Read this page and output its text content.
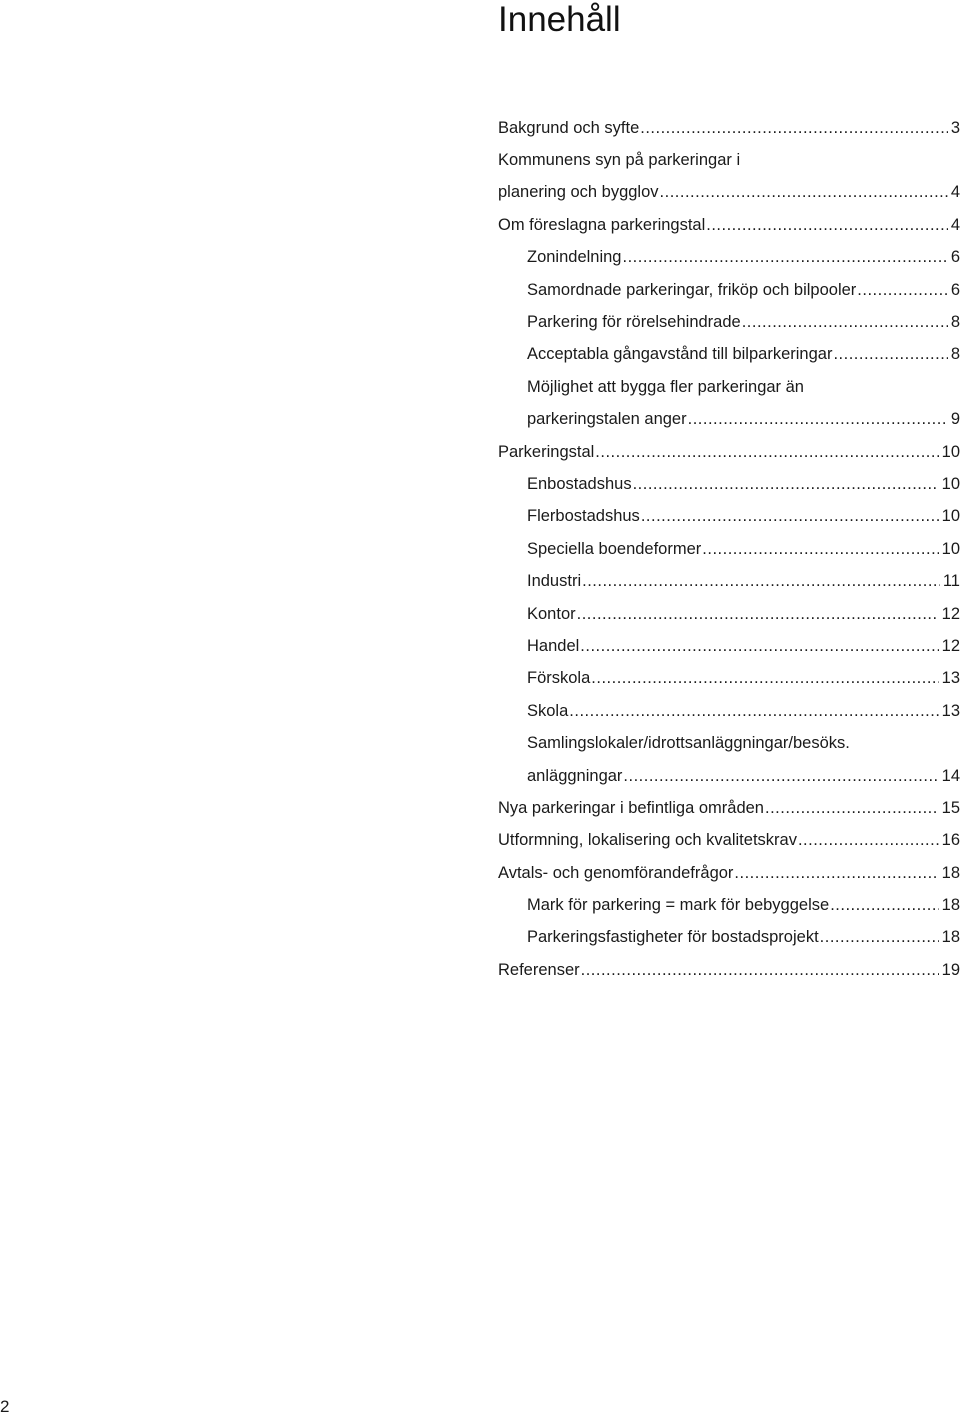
Innehåll
Bakgrund och syfte .....	3
Kommunens syn på parkeringar i
planering och bygglov .....	4
Om föreslagna parkeringstal .....	4
Zonindelning .....	6
Samordnade parkeringar, friköp och bilpooler .....	6
Parkering för rörelsehindrade .....	8
Acceptabla gångavstånd till bilparkeringar .....	8
Möjlighet att bygga fler parkeringar än
parkeringstalen anger .....	9
Parkeringstal .....	10
Enbostadshus .....	10
Flerbostadshus .....	10
Speciella boendeformer .....	10
Industri .....	11
Kontor .....	12
Handel .....	12
Förskola .....	13
Skola .....	13
Samlingslokaler/idrottsanläggningar/besöks.
anläggningar .....	14
Nya parkeringar i befintliga områden .....	15
Utformning, lokalisering och kvalitetskrav .....	16
Avtals- och genomförandefrågor .....	18
Mark för parkering = mark för bebyggelse .....	18
Parkeringsfastigheter för bostadsprojekt .....	18
Referenser .....	19
2
